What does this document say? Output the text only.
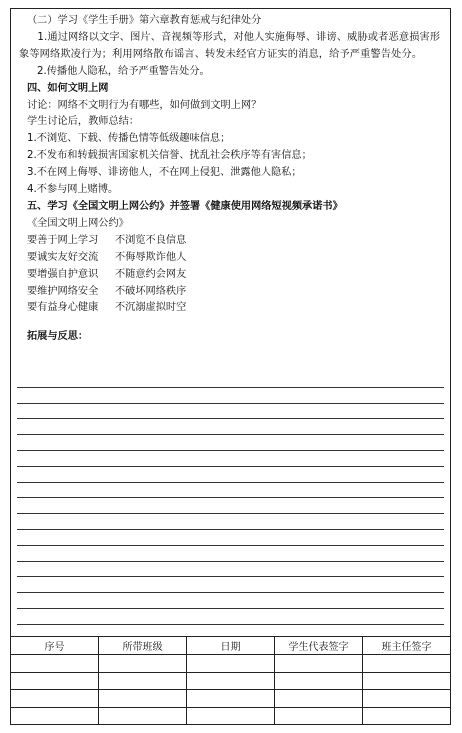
（二）学习《学生手册》第六章教育惩戒与纪律处分
1.通过网络以文字、图片、音视频等形式，对他人实施侮辱、诽谤、威胁或者恶意损害形象等网络欺凌行为；利用网络散布谣言、转发未经官方证实的消息，给予严重警告处分。
2.传播他人隐私，给予严重警告处分。
四、如何文明上网
讨论：网络不文明行为有哪些，如何做到文明上网？
学生讨论后，教师总结：
1.不浏览、下载、传播色情等低级趣味信息；
2.不发布和转载损害国家机关信誉、扰乱社会秩序等有害信息；
3.不在网上侮辱、诽谤他人，不在网上侵犯、泄露他人隐私；
4.不参与网上赌博。
五、学习《全国文明上网公约》并签署《健康使用网络短视频承诺书》
《全国文明上网公约》
要善于网上学习 不浏览不良信息
要诚实友好交流 不侮辱欺诈他人
要增强自护意识 不随意约会网友
要维护网络安全 不破坏网络秩序
要有益身心健康 不沉溺虚拟时空
拓展与反思：
序号	所带班级	日期	学生代表签字	班主任签字
